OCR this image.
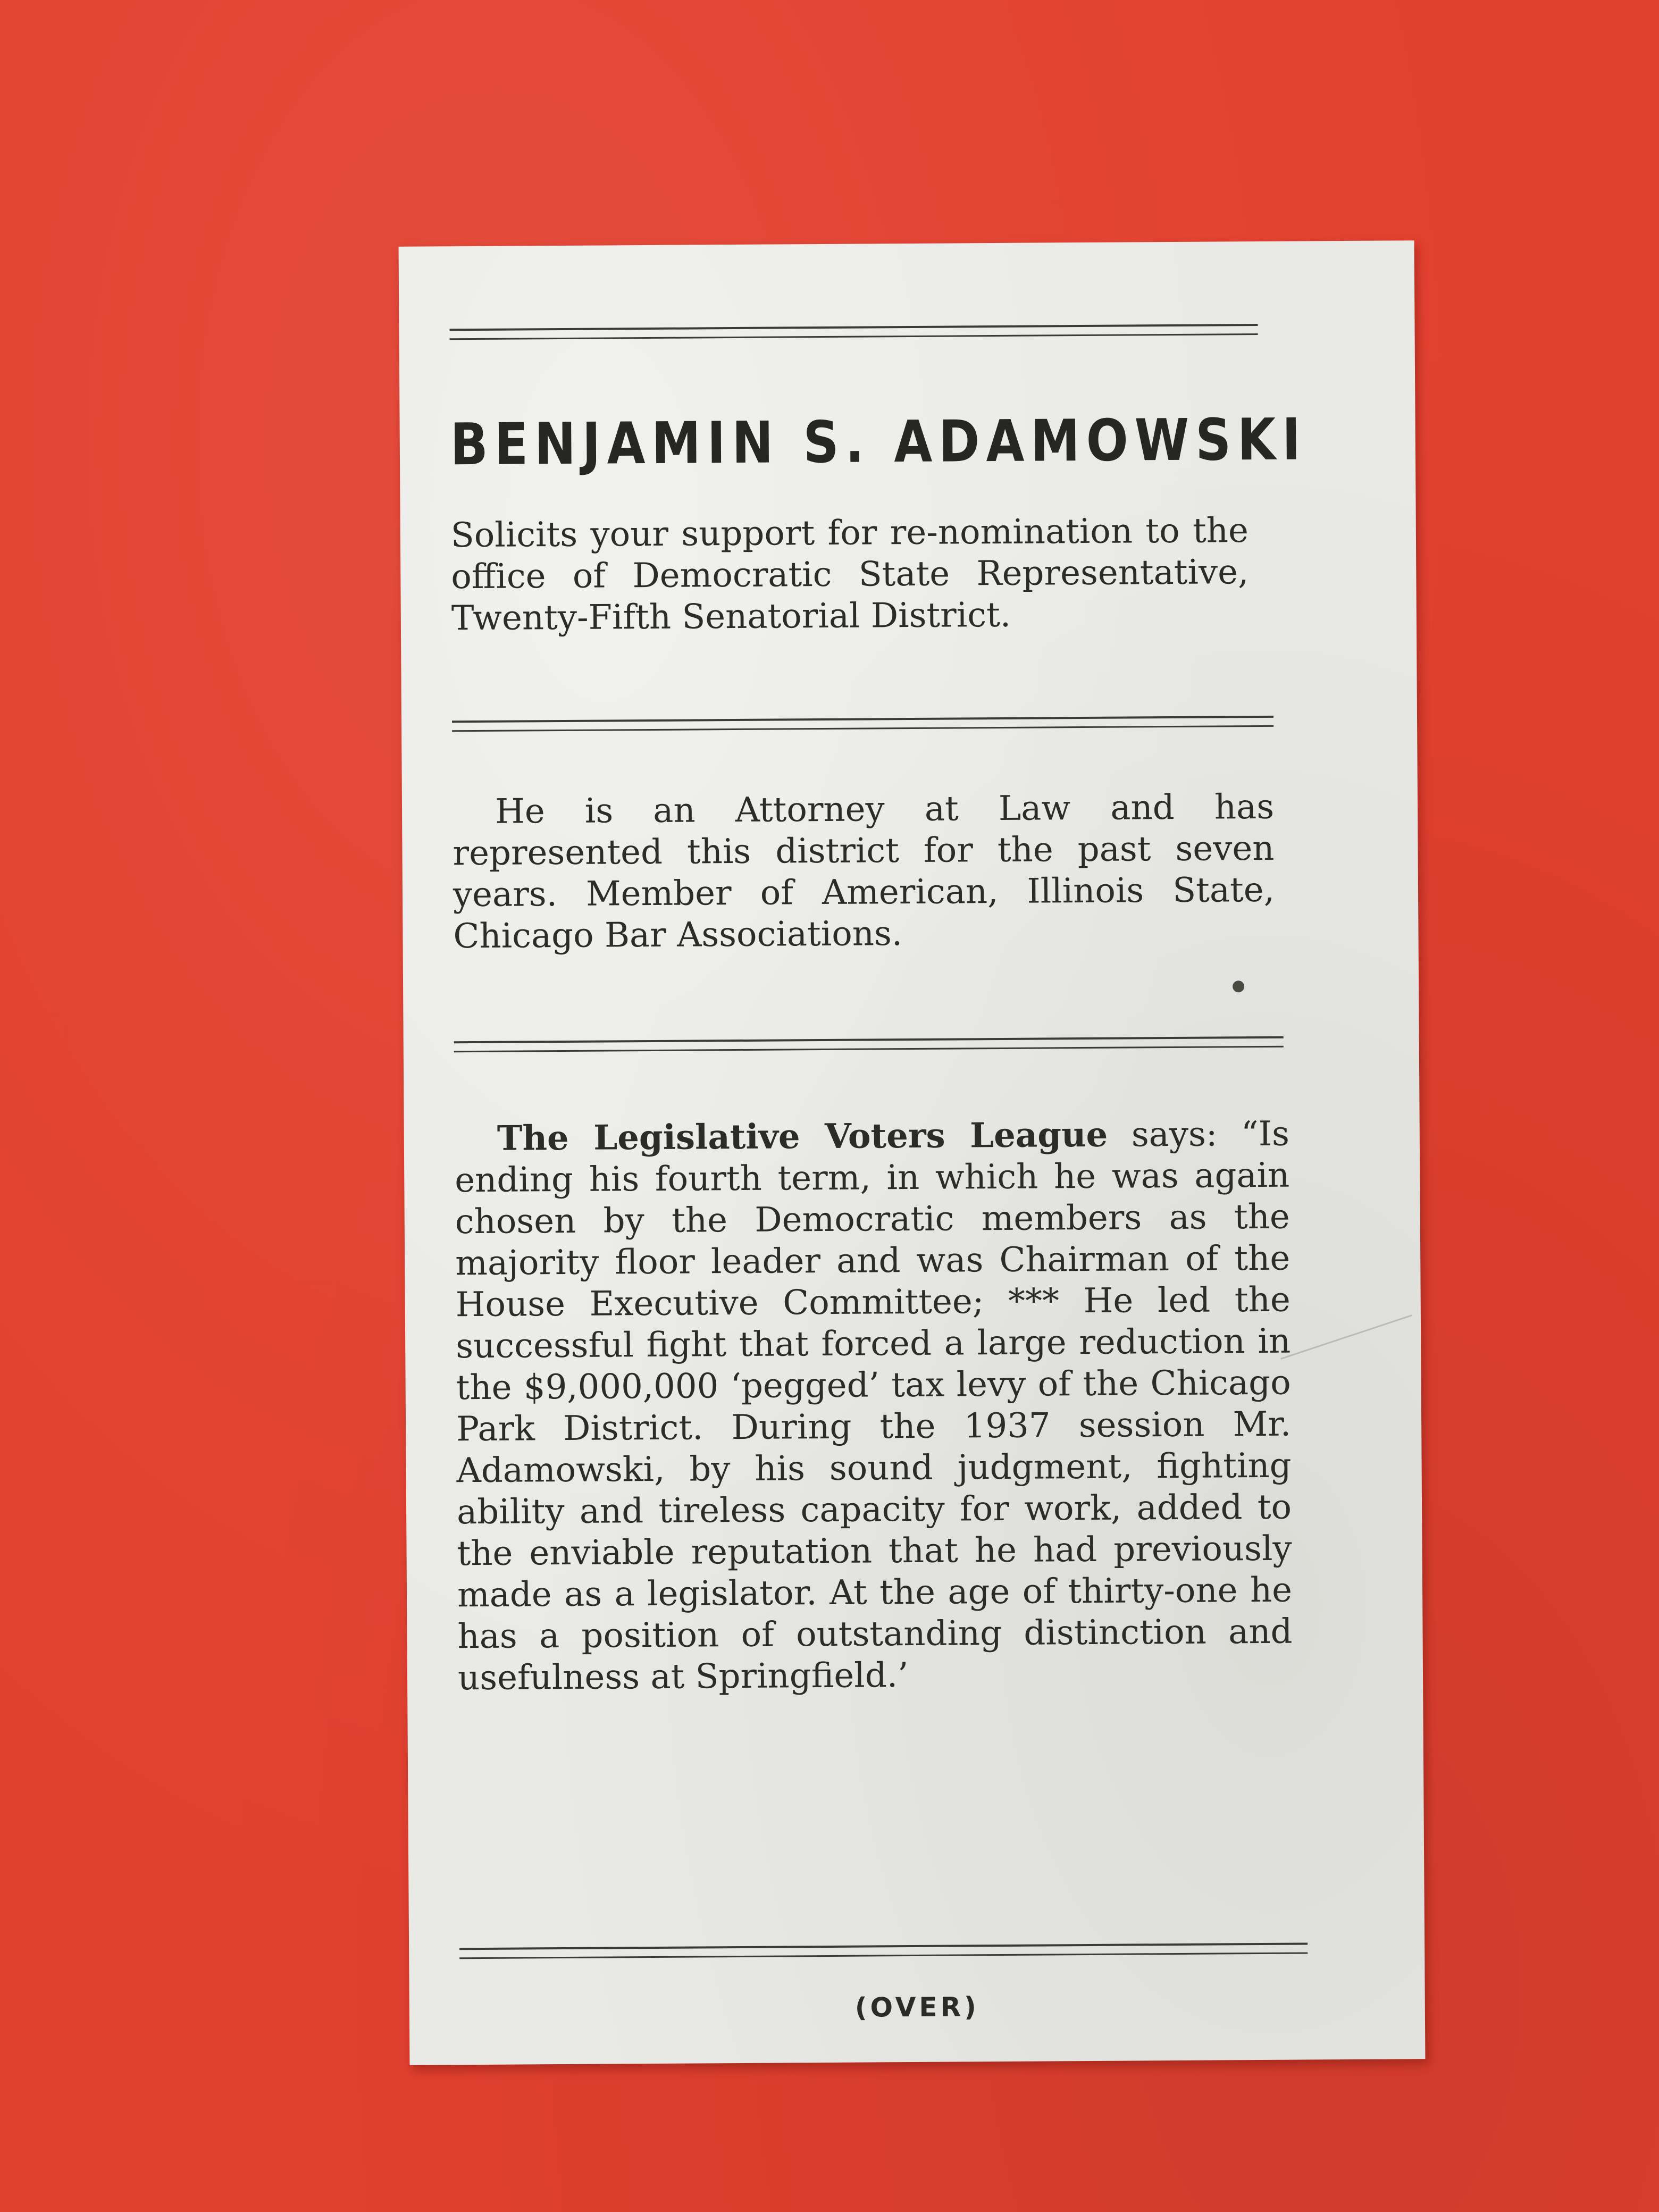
BENJAMIN S. ADAMOWSKI

Solicits your support for re-nomination to the office of Democratic State Representative, Twenty-Fifth Senatorial District.

He is an Attorney at Law and has represented this district for the past seven years. Member of American, Illinois State, Chicago Bar Associations.

The Legislative Voters League says: “Is ending his fourth term, in which he was again chosen by the Democratic members as the majority floor leader and was Chairman of the House Executive Committee; *** He led the successful fight that forced a large reduction in the $9,000,000 ‘pegged’ tax levy of the Chicago Park District. During the 1937 session Mr. Adamowski, by his sound judgment, fighting ability and tireless capacity for work, added to the enviable reputation that he had previously made as a legislator. At the age of thirty-one he has a position of outstanding distinction and usefulness at Springfield.’

(OVER)
